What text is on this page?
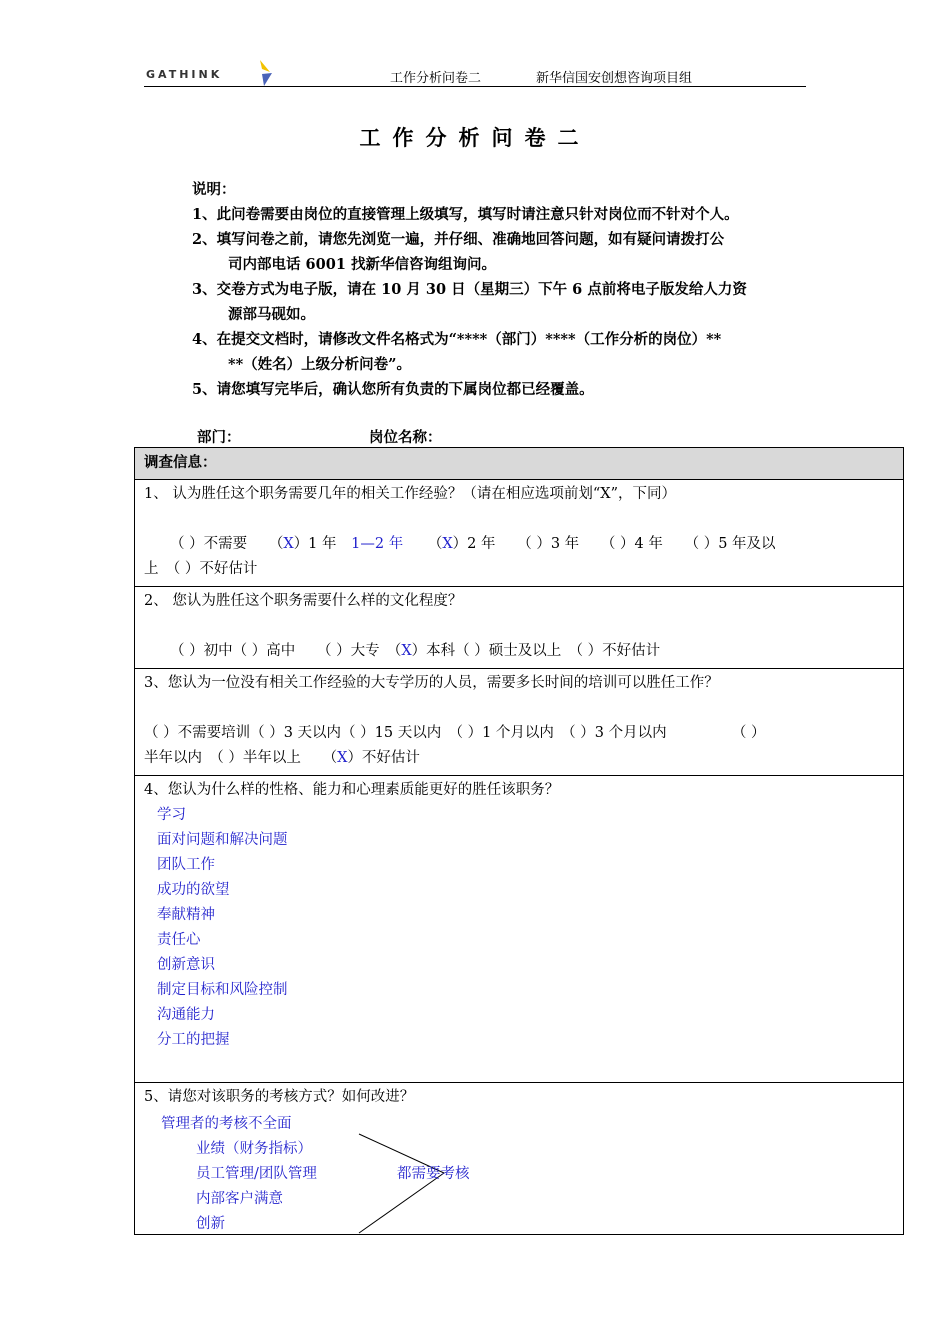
GATHINK	工作分析问卷二	新华信国安创想咨询项目组
工作分析问卷二
说明：
1、此问卷需要由岗位的直接管理上级填写，填写时请注意只针对岗位而不针对个人。
2、填写问卷之前，请您先浏览一遍，并仔细、准确地回答问题，如有疑问请拨打公
司内部电话 6001 找新华信咨询组询问。
3、交卷方式为电子版，请在 10 月 30 日（星期三）下午 6 点前将电子版发给人力资
源部马砚如。
4、在提交文档时，请修改文件名格式为“****（部门）****（工作分析的岗位）**
**（姓名）上级分析问卷”。
5、请您填写完毕后，确认您所有负责的下属岗位都已经覆盖。
部门：	岗位名称：
调查信息：

1、 认为胜任这个职务需要几年的相关工作经验？（请在相应选项前划“X”，下同）
（ ）不需要　　（X）1 年 1—2 年 （X）2 年　　（ ）3 年　　（ ）4 年　　（ ）5 年及以
上　（ ）不好估计

2、 您认为胜任这个职务需要什么样的文化程度？
（ ）初中（ ）高中　　（ ）大专　（X）本科（ ）硕士及以上　（ ）不好估计

3、您认为一位没有相关工作经验的大专学历的人员，需要多长时间的培训可以胜任工作？
（ ）不需要培训（ ）3 天以内（ ）15 天以内　（ ）1 个月以内　（ ）3 个月以内　　　　　（ ）
半年以内　（ ）半年以上　　（X）不好估计

4、您认为什么样的性格、能力和心理素质能更好的胜任该职务？
学习
面对问题和解决问题
团队工作
成功的欲望
奉献精神
责任心
创新意识
制定目标和风险控制
沟通能力
分工的把握

5、请您对该职务的考核方式？如何改进？
管理者的考核不全面
业绩（财务指标）
员工管理/团队管理
内部客户满意
创新
都需要考核
